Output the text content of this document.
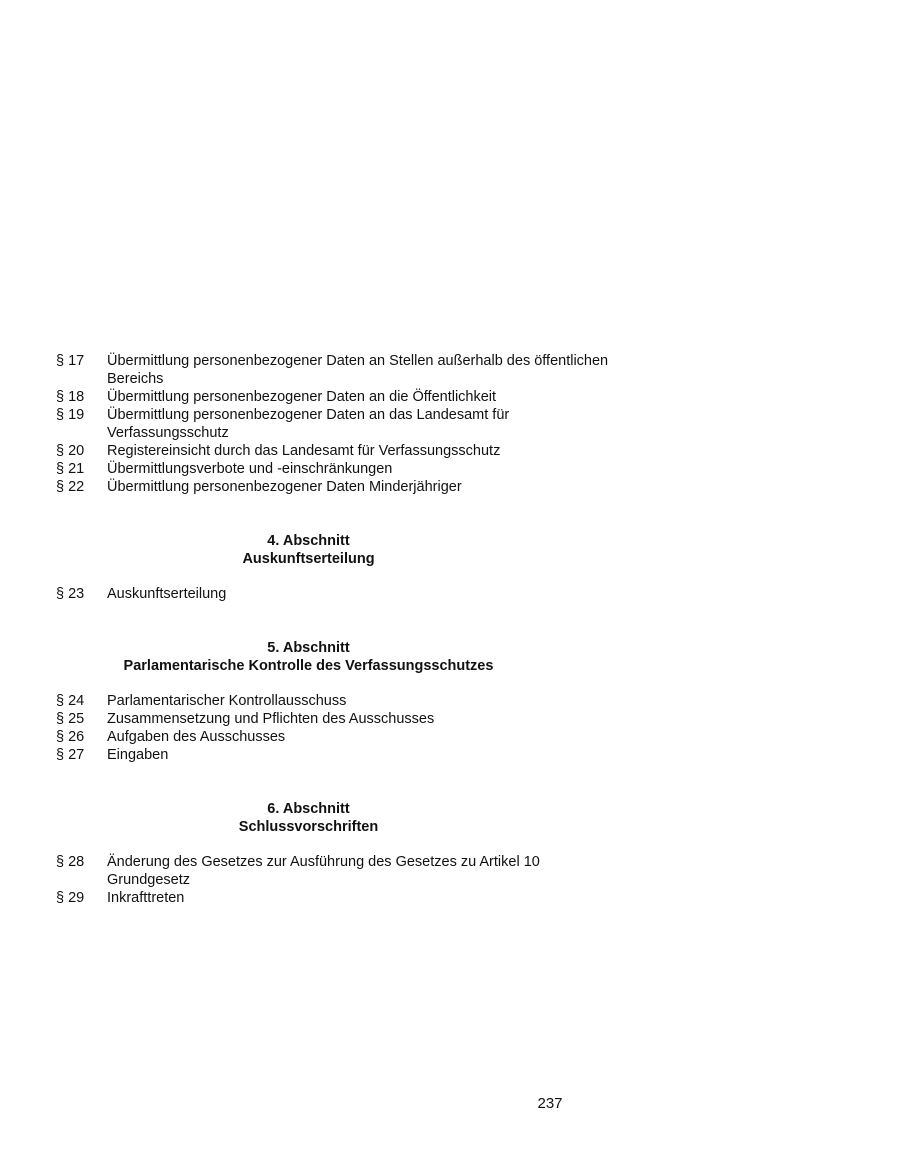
§ 17	Übermittlung personenbezogener Daten an Stellen außerhalb des öffentlichen Bereichs
§ 18	Übermittlung personenbezogener Daten an die Öffentlichkeit
§ 19	Übermittlung personenbezogener Daten an das Landesamt für Verfassungsschutz
§ 20	Registereinsicht durch das Landesamt für Verfassungsschutz
§ 21	Übermittlungsverbote und -einschränkungen
§ 22	Übermittlung personenbezogener Daten Minderjähriger
4. Abschnitt
Auskunftserteilung
§ 23	Auskunftserteilung
5. Abschnitt
Parlamentarische Kontrolle des Verfassungsschutzes
§ 24	Parlamentarischer Kontrollausschuss
§ 25	Zusammensetzung und Pflichten des Ausschusses
§ 26	Aufgaben des Ausschusses
§ 27	Eingaben
6. Abschnitt
Schlussvorschriften
§ 28	Änderung des Gesetzes zur Ausführung des Gesetzes zu Artikel 10 Grundgesetz
§ 29	Inkrafttreten
237
